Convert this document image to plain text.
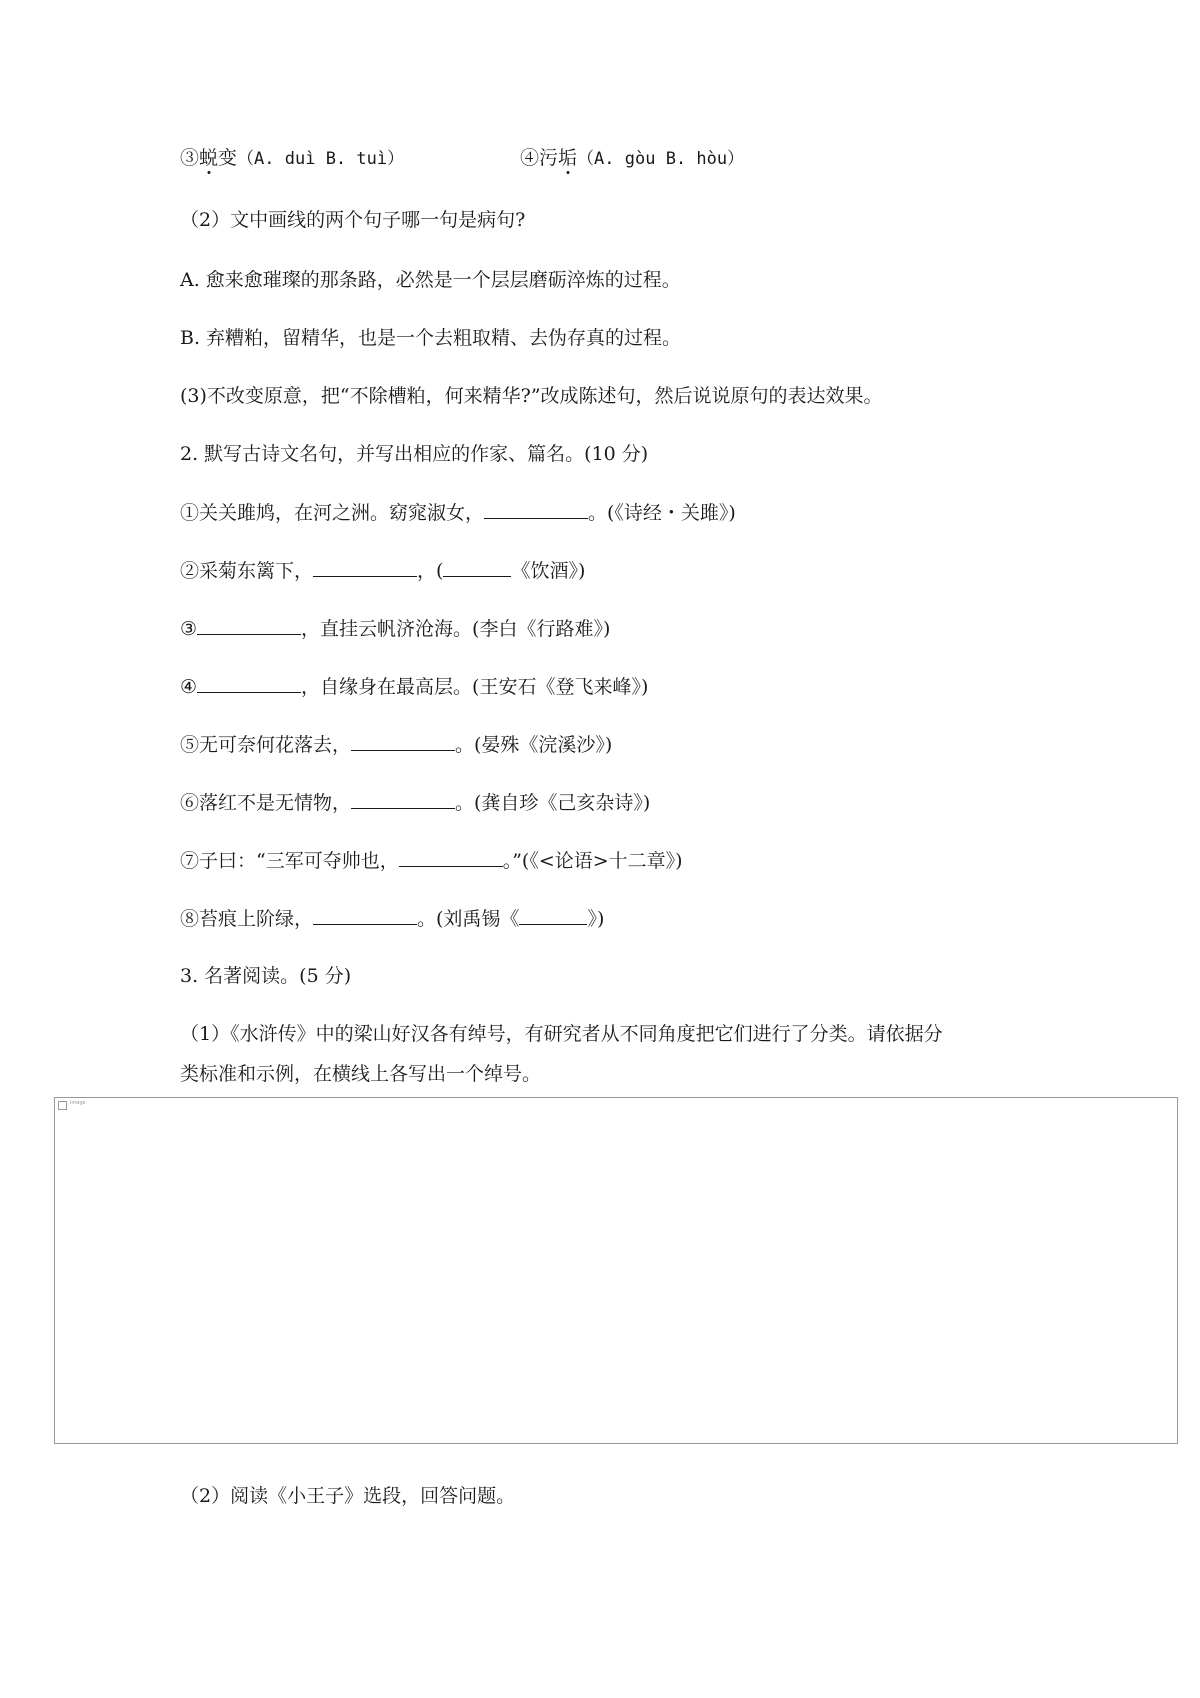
③蜕变（A. duì B. tuì）	④污垢（A. gòu B. hòu）
（2）文中画线的两个句子哪一句是病句?
A. 愈来愈璀璨的那条路，必然是一个层层磨砺淬炼的过程。
B. 弃糟粕，留精华，也是一个去粗取精、去伪存真的过程。
(3)不改变原意，把“不除槽粕，何来精华?”改成陈述句，然后说说原句的表达效果。
2. 默写古诗文名句，并写出相应的作家、篇名。(10 分)
①关关雎鸠，在河之洲。窈窕淑女，	。(《诗经・关雎》)
②采菊东篱下，	，(	《饮酒》)
③	，直挂云帆济沧海。(李白《行路难》)
④	，自缘身在最高层。(王安石《登飞来峰》)
⑤无可奈何花落去，	。(晏殊《浣溪沙》)
⑥落红不是无情物，	。(龚自珍《己亥杂诗》)
⑦子曰：“三军可夺帅也，	。”(《<论语>十二章》)
⑧苔痕上阶绿，	。(刘禹锡《	》)
3. 名著阅读。(5 分)
（1）《水浒传》中的梁山好汉各有绰号，有研究者从不同角度把它们进行了分类。请依据分
类标准和示例，在横线上各写出一个绰号。
image
（2）阅读《小王子》选段，回答问题。
